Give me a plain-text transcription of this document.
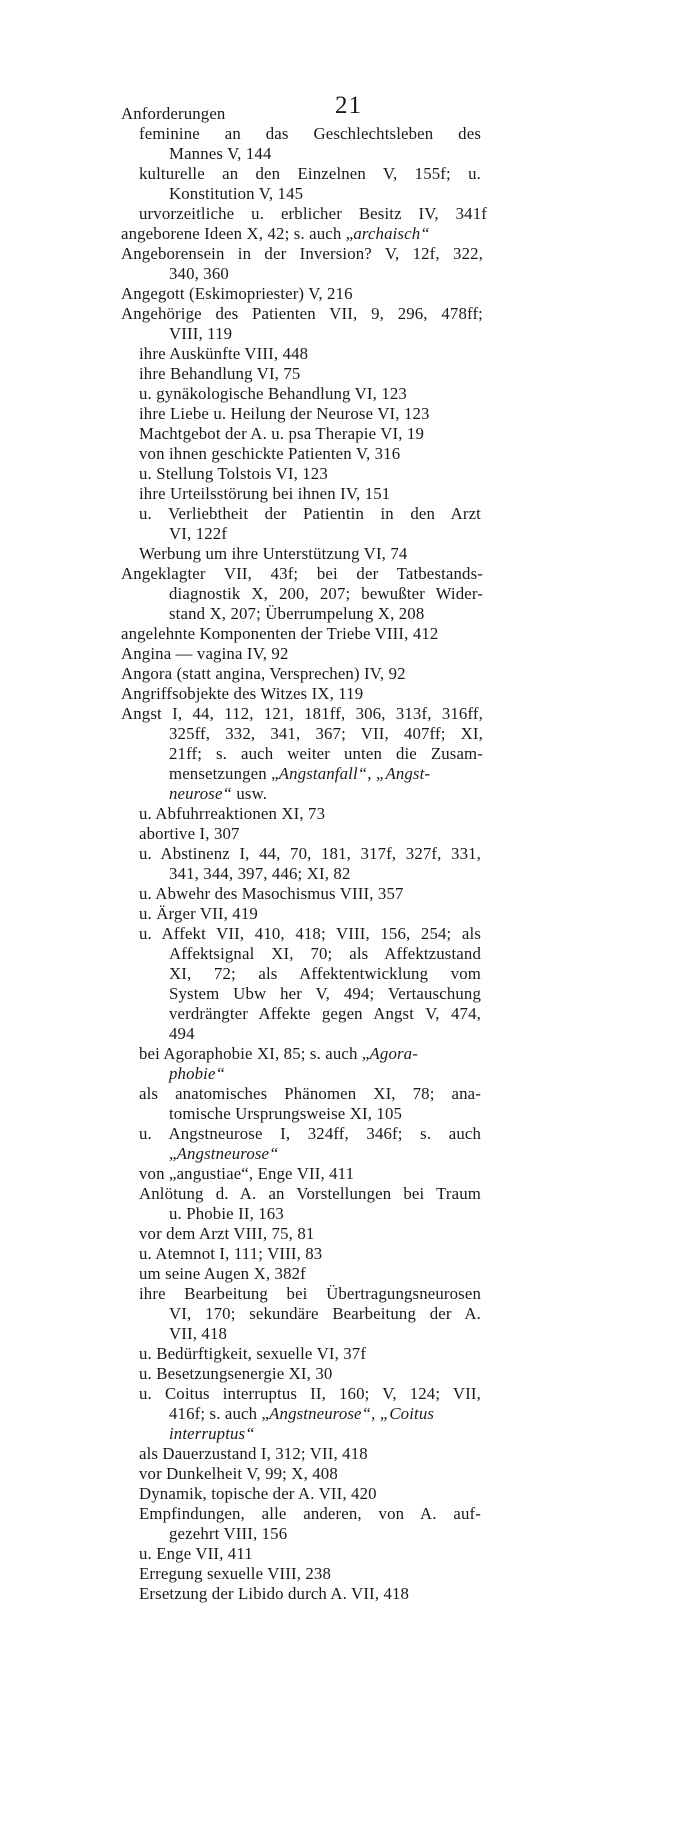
21
Anforderungen
feminine an das Geschlechtsleben des
Mannes V, 144
kulturelle an den Einzelnen V, 155f; u.
Konstitution V, 145
urvorzeitliche u. erblicher Besitz IV, 341f
angeborene Ideen X, 42; s. auch „archaisch“
Angeborensein in der Inversion? V, 12f, 322,
340, 360
Angegott (Eskimopriester) V, 216
Angehörige des Patienten VII, 9, 296, 478ff;
VIII, 119
ihre Auskünfte VIII, 448
ihre Behandlung VI, 75
u. gynäkologische Behandlung VI, 123
ihre Liebe u. Heilung der Neurose VI, 123
Machtgebot der A. u. psa Therapie VI, 19
von ihnen geschickte Patienten V, 316
u. Stellung Tolstois VI, 123
ihre Urteilsstörung bei ihnen IV, 151
u. Verliebtheit der Patientin in den Arzt
VI, 122f
Werbung um ihre Unterstützung VI, 74
Angeklagter VII, 43f; bei der Tatbestands-
diagnostik X, 200, 207; bewußter Wider-
stand X, 207; Überrumpelung X, 208
angelehnte Komponenten der Triebe VIII, 412
Angina — vagina IV, 92
Angora (statt angina, Versprechen) IV, 92
Angriffsobjekte des Witzes IX, 119
Angst I, 44, 112, 121, 181ff, 306, 313f, 316ff,
325ff, 332, 341, 367; VII, 407ff; XI,
21ff; s. auch weiter unten die Zusam-
mensetzungen „Angstanfall“, „Angst-
neurose“ usw.
u. Abfuhrreaktionen XI, 73
abortive I, 307
u. Abstinenz I, 44, 70, 181, 317f, 327f, 331,
341, 344, 397, 446; XI, 82
u. Abwehr des Masochismus VIII, 357
u. Ärger VII, 419
u. Affekt VII, 410, 418; VIII, 156, 254; als
Affektsignal XI, 70; als Affektzustand
XI, 72; als Affektentwicklung vom
System Ubw her V, 494; Vertauschung
verdrängter Affekte gegen Angst V, 474,
494
bei Agoraphobie XI, 85; s. auch „Agora-
phobie“
als anatomisches Phänomen XI, 78; ana-
tomische Ursprungsweise XI, 105
u. Angstneurose I, 324ff, 346f; s. auch
„Angstneurose“
von „angustiae“, Enge VII, 411
Anlötung d. A. an Vorstellungen bei Traum
u. Phobie II, 163
vor dem Arzt VIII, 75, 81
u. Atemnot I, 111; VIII, 83
um seine Augen X, 382f
ihre Bearbeitung bei Übertragungsneurosen
VI, 170; sekundäre Bearbeitung der A.
VII, 418
u. Bedürftigkeit, sexuelle VI, 37f
u. Besetzungsenergie XI, 30
u. Coitus interruptus II, 160; V, 124; VII,
416f; s. auch „Angstneurose“, „Coitus
interruptus“
als Dauerzustand I, 312; VII, 418
vor Dunkelheit V, 99; X, 408
Dynamik, topische der A. VII, 420
Empfindungen, alle anderen, von A. auf-
gezehrt VIII, 156
u. Enge VII, 411
Erregung sexuelle VIII, 238
Ersetzung der Libido durch A. VII, 418
